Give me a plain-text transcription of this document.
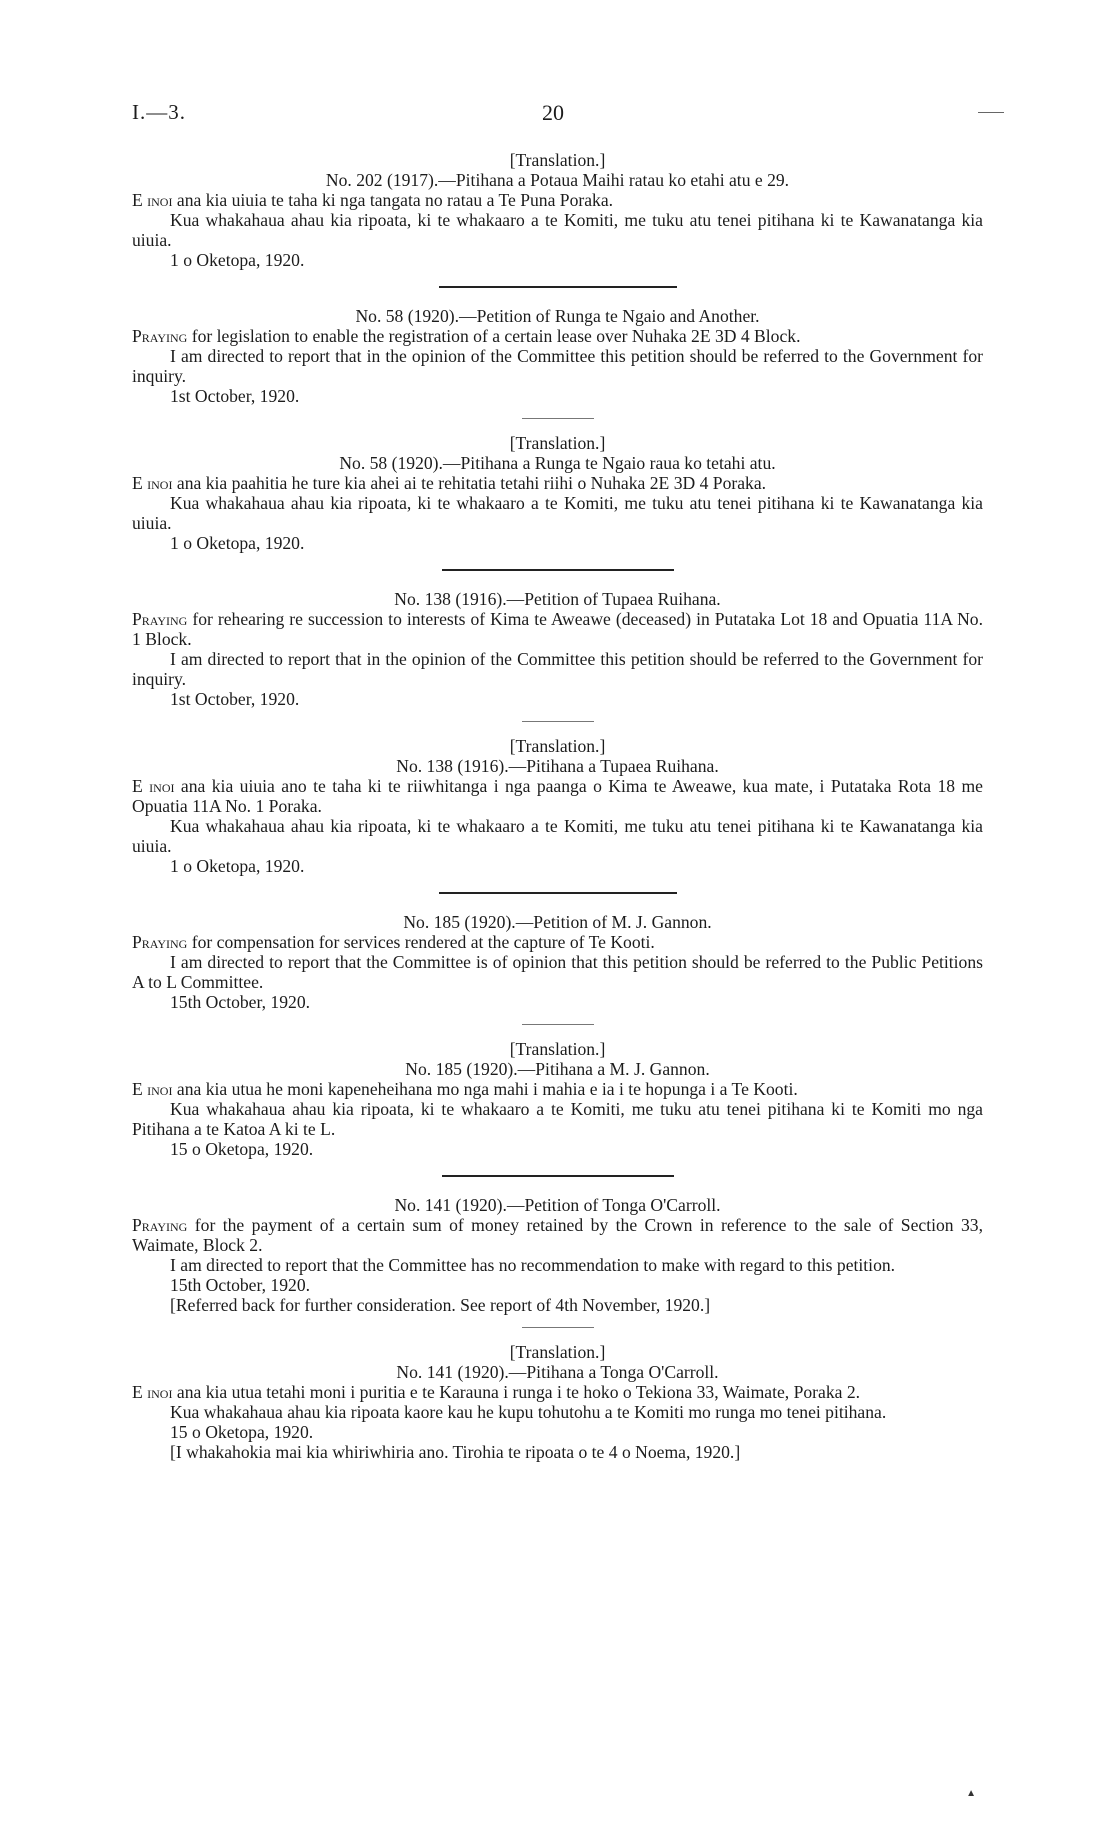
I.—3.	20

[Translation.]

No. 202 (1917).—Pitihana a Potaua Maihi ratau ko etahi atu e 29.

E inoi ana kia uiuia te taha ki nga tangata no ratau a Te Puna Poraka.

Kua whakahaua ahau kia ripoata, ki te whakaaro a te Komiti, me tuku atu tenei pitihana ki te Kawanatanga kia uiuia.

1 o Oketopa, 1920.

No. 58 (1920).—Petition of Runga te Ngaio and Another.

Praying for legislation to enable the registration of a certain lease over Nuhaka 2E 3D 4 Block.

I am directed to report that in the opinion of the Committee this petition should be referred to the Government for inquiry.

1st October, 1920.

[Translation.]

No. 58 (1920).—Pitihana a Runga te Ngaio raua ko tetahi atu.

E inoi ana kia paahitia he ture kia ahei ai te rehitatia tetahi riihi o Nuhaka 2E 3D 4 Poraka.

Kua whakahaua ahau kia ripoata, ki te whakaaro a te Komiti, me tuku atu tenei pitihana ki te Kawanatanga kia uiuia.

1 o Oketopa, 1920.

No. 138 (1916).—Petition of Tupaea Ruihana.

Praying for rehearing re succession to interests of Kima te Aweawe (deceased) in Putataka Lot 18 and Opuatia 11A No. 1 Block.

I am directed to report that in the opinion of the Committee this petition should be referred to the Government for inquiry.

1st October, 1920.

[Translation.]

No. 138 (1916).—Pitihana a Tupaea Ruihana.

E inoi ana kia uiuia ano te taha ki te riiwhitanga i nga paanga o Kima te Aweawe, kua mate, i Putataka Rota 18 me Opuatia 11A No. 1 Poraka.

Kua whakahaua ahau kia ripoata, ki te whakaaro a te Komiti, me tuku atu tenei pitihana ki te Kawanatanga kia uiuia.

1 o Oketopa, 1920.

No. 185 (1920).—Petition of M. J. Gannon.

Praying for compensation for services rendered at the capture of Te Kooti.

I am directed to report that the Committee is of opinion that this petition should be referred to the Public Petitions A to L Committee.

15th October, 1920.

[Translation.]

No. 185 (1920).—Pitihana a M. J. Gannon.

E inoi ana kia utua he moni kapeneheihana mo nga mahi i mahia e ia i te hopunga i a Te Kooti.

Kua whakahaua ahau kia ripoata, ki te whakaaro a te Komiti, me tuku atu tenei pitihana ki te Komiti mo nga Pitihana a te Katoa A ki te L.

15 o Oketopa, 1920.

No. 141 (1920).—Petition of Tonga O'Carroll.

Praying for the payment of a certain sum of money retained by the Crown in reference to the sale of Section 33, Waimate, Block 2.

I am directed to report that the Committee has no recommendation to make with regard to this petition.

15th October, 1920.

[Referred back for further consideration. See report of 4th November, 1920.]

[Translation.]

No. 141 (1920).—Pitihana a Tonga O'Carroll.

E inoi ana kia utua tetahi moni i puritia e te Karauna i runga i te hoko o Tekiona 33, Waimate, Poraka 2.

Kua whakahaua ahau kia ripoata kaore kau he kupu tohutohu a te Komiti mo runga mo tenei pitihana.

15 o Oketopa, 1920.

[I whakahokia mai kia whiriwhiria ano. Tirohia te ripoata o te 4 o Noema, 1920.]

▲
